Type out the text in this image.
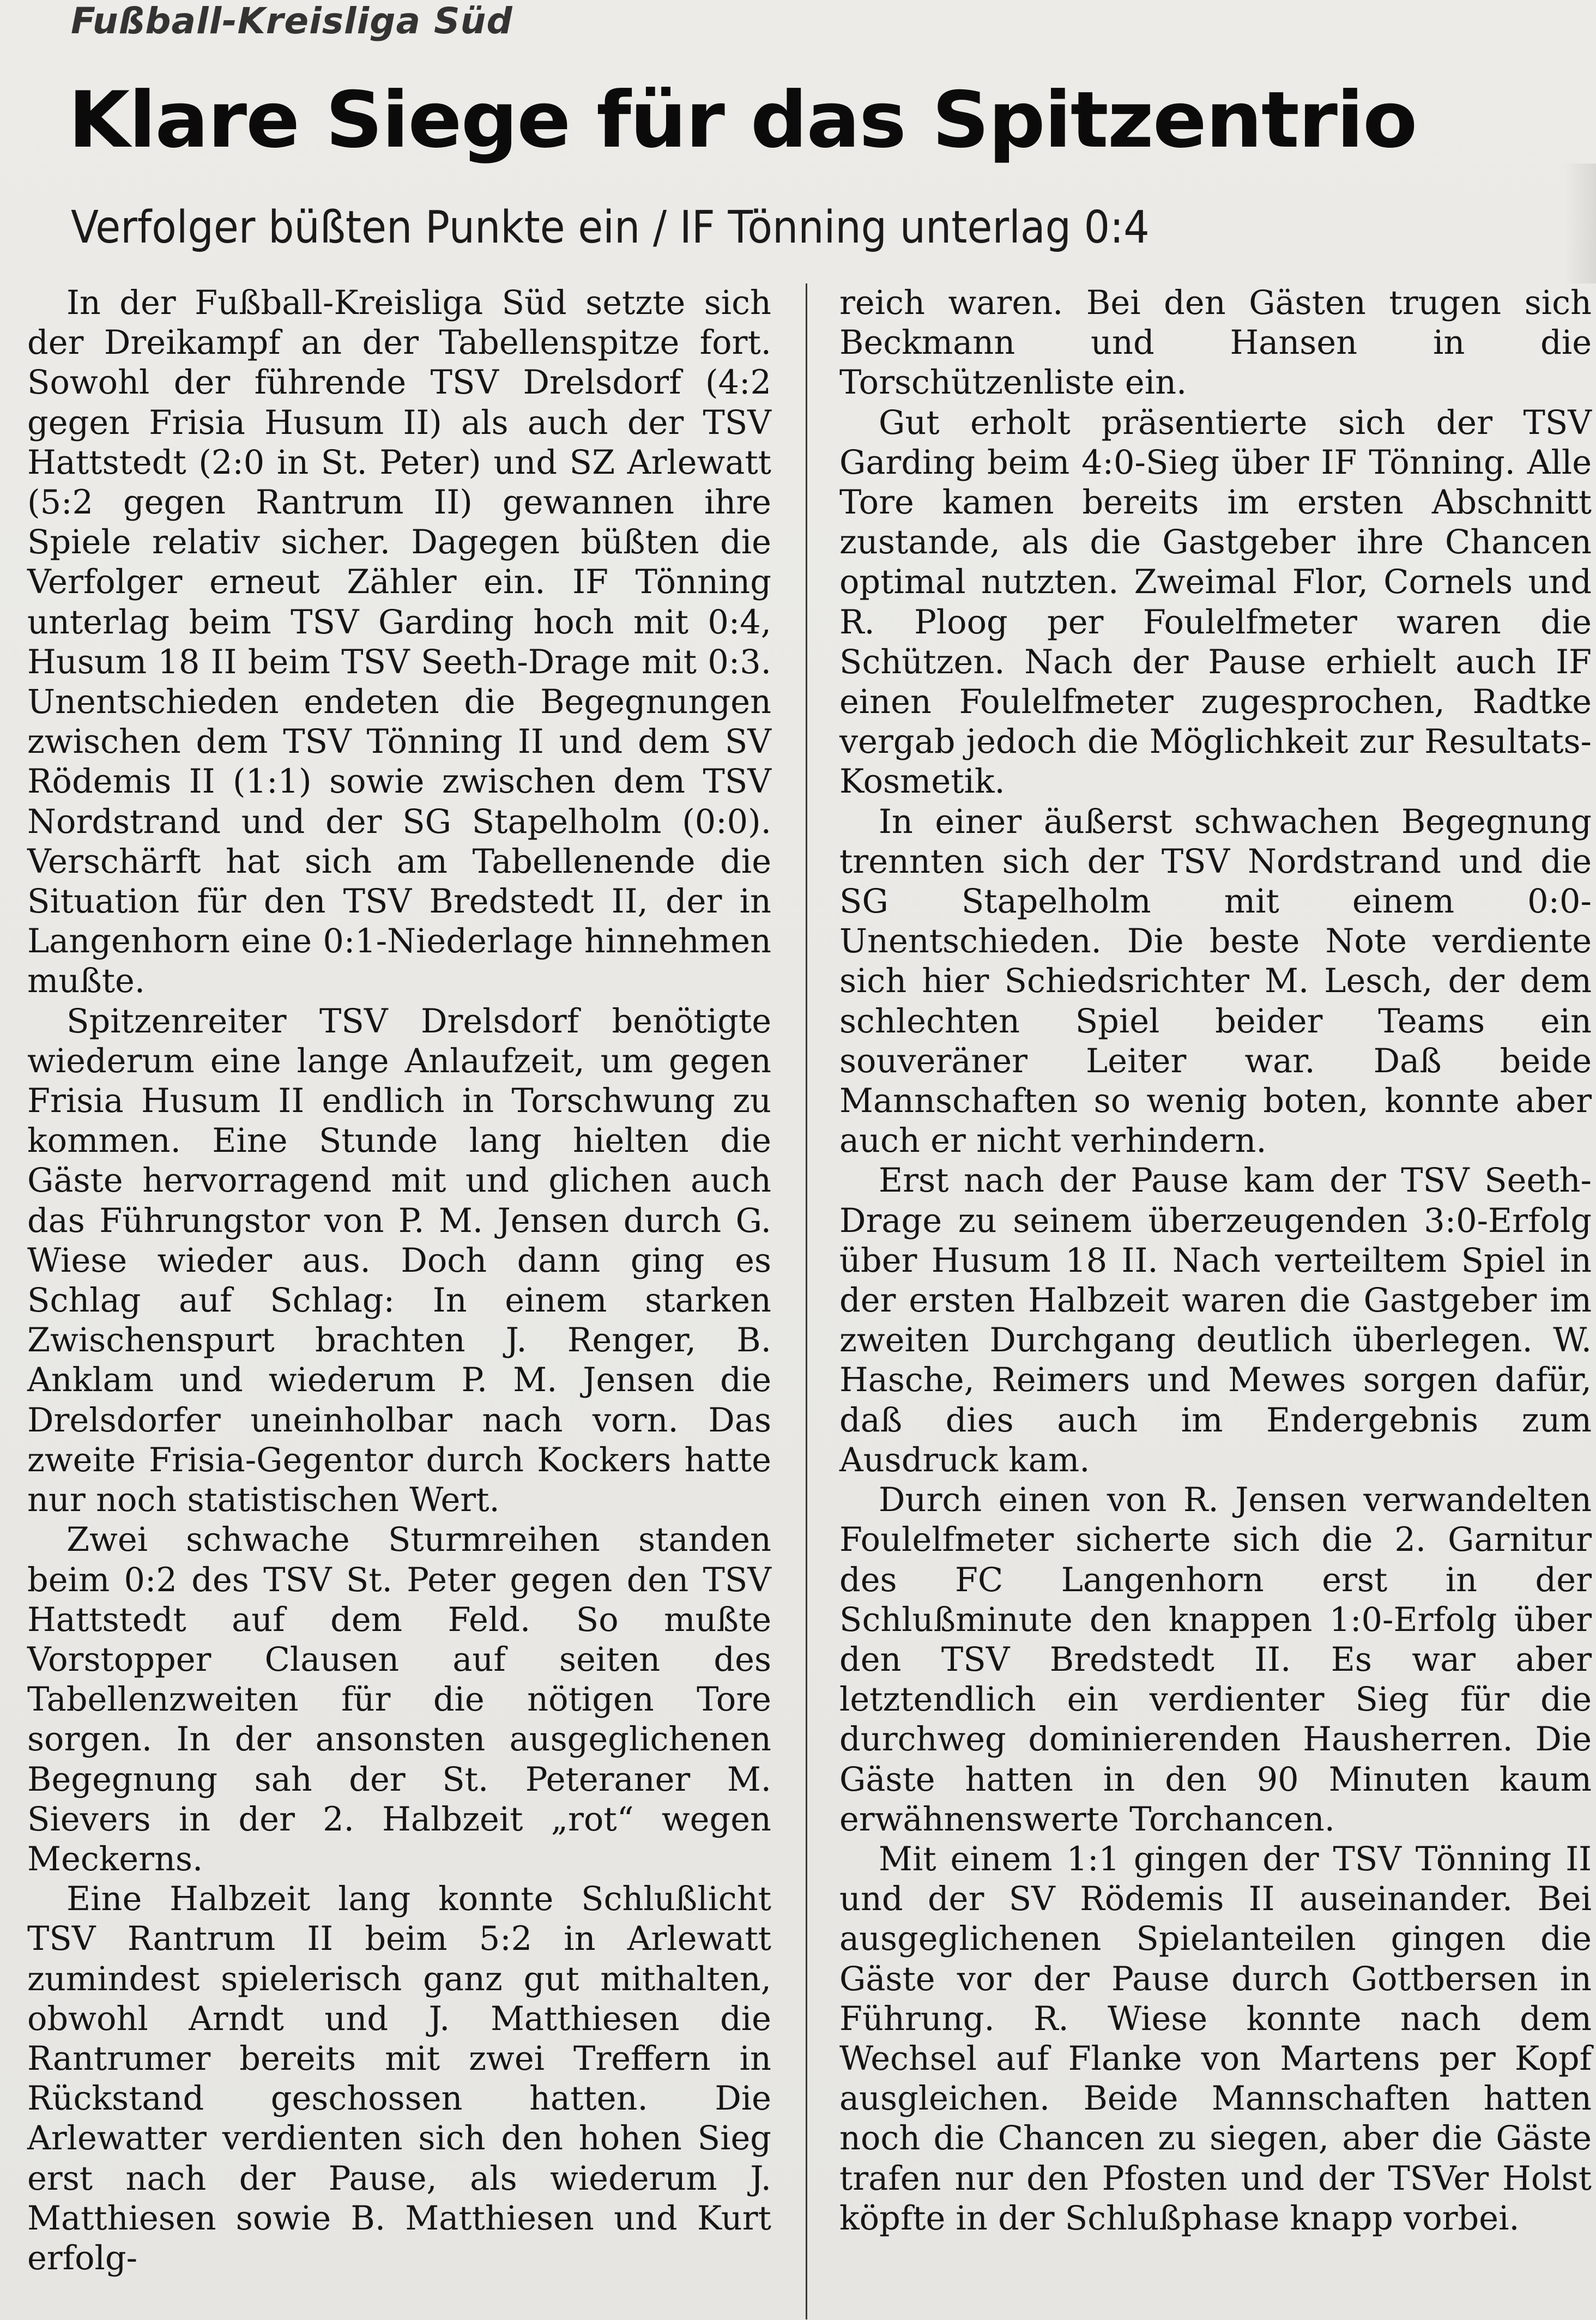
Fußball-Kreisliga Süd
Klare Siege für das Spitzentrio
Verfolger büßten Punkte ein / IF Tönning unterlag 0:4

In der Fußball-Kreisliga Süd setzte sich der Dreikampf an der Tabellenspitze fort. Sowohl der führende TSV Drelsdorf (4:2 gegen Frisia Husum II) als auch der TSV Hattstedt (2:0 in St. Peter) und SZ Arlewatt (5:2 gegen Rantrum II) gewannen ihre Spiele relativ sicher. Dagegen büßten die Verfolger erneut Zähler ein. IF Tönning unterlag beim TSV Garding hoch mit 0:4, Husum 18 II beim TSV Seeth-Drage mit 0:3. Unentschieden endeten die Begegnungen zwischen dem TSV Tönning II und dem SV Rödemis II (1:1) sowie zwischen dem TSV Nordstrand und der SG Stapelholm (0:0). Verschärft hat sich am Tabellenende die Situation für den TSV Bredstedt II, der in Langenhorn eine 0:1-Niederlage hinnehmen mußte.

Spitzenreiter TSV Drelsdorf benötigte wiederum eine lange Anlaufzeit, um gegen Frisia Husum II endlich in Torschwung zu kommen. Eine Stunde lang hielten die Gäste hervorragend mit und glichen auch das Führungstor von P. M. Jensen durch G. Wiese wieder aus. Doch dann ging es Schlag auf Schlag: In einem starken Zwischenspurt brachten J. Renger, B. Anklam und wiederum P. M. Jensen die Drelsdorfer uneinholbar nach vorn. Das zweite Frisia-Gegentor durch Kockers hatte nur noch statistischen Wert.

Zwei schwache Sturmreihen standen beim 0:2 des TSV St. Peter gegen den TSV Hattstedt auf dem Feld. So mußte Vorstopper Clausen auf seiten des Tabellenzweiten für die nötigen Tore sorgen. In der ansonsten ausgeglichenen Begegnung sah der St. Peteraner M. Sievers in der 2. Halbzeit „rot“ wegen Meckerns.

Eine Halbzeit lang konnte Schlußlicht TSV Rantrum II beim 5:2 in Arlewatt zumindest spielerisch ganz gut mithalten, obwohl Arndt und J. Matthiesen die Rantrumer bereits mit zwei Treffern in Rückstand geschossen hatten. Die Arlewatter verdienten sich den hohen Sieg erst nach der Pause, als wiederum J. Matthiesen sowie B. Matthiesen und Kurt erfolg-

reich waren. Bei den Gästen trugen sich Beckmann und Hansen in die Torschützenliste ein.

Gut erholt präsentierte sich der TSV Garding beim 4:0-Sieg über IF Tönning. Alle Tore kamen bereits im ersten Abschnitt zustande, als die Gastgeber ihre Chancen optimal nutzten. Zweimal Flor, Cornels und R. Ploog per Foulelfmeter waren die Schützen. Nach der Pause erhielt auch IF einen Foulelfmeter zugesprochen, Radtke vergab jedoch die Möglichkeit zur Resultats-Kosmetik.

In einer äußerst schwachen Begegnung trennten sich der TSV Nordstrand und die SG Stapelholm mit einem 0:0-Unentschieden. Die beste Note verdiente sich hier Schiedsrichter M. Lesch, der dem schlechten Spiel beider Teams ein souveräner Leiter war. Daß beide Mannschaften so wenig boten, konnte aber auch er nicht verhindern.

Erst nach der Pause kam der TSV Seeth-Drage zu seinem überzeugenden 3:0-Erfolg über Husum 18 II. Nach verteiltem Spiel in der ersten Halbzeit waren die Gastgeber im zweiten Durchgang deutlich überlegen. W. Hasche, Reimers und Mewes sorgen dafür, daß dies auch im Endergebnis zum Ausdruck kam.

Durch einen von R. Jensen verwandelten Foulelfmeter sicherte sich die 2. Garnitur des FC Langenhorn erst in der Schlußminute den knappen 1:0-Erfolg über den TSV Bredstedt II. Es war aber letztendlich ein verdienter Sieg für die durchweg dominierenden Hausherren. Die Gäste hatten in den 90 Minuten kaum erwähnenswerte Torchancen.

Mit einem 1:1 gingen der TSV Tönning II und der SV Rödemis II auseinander. Bei ausgeglichenen Spielanteilen gingen die Gäste vor der Pause durch Gottbersen in Führung. R. Wiese konnte nach dem Wechsel auf Flanke von Martens per Kopf ausgleichen. Beide Mannschaften hatten noch die Chancen zu siegen, aber die Gäste trafen nur den Pfosten und der TSVer Holst köpfte in der Schlußphase knapp vorbei.
